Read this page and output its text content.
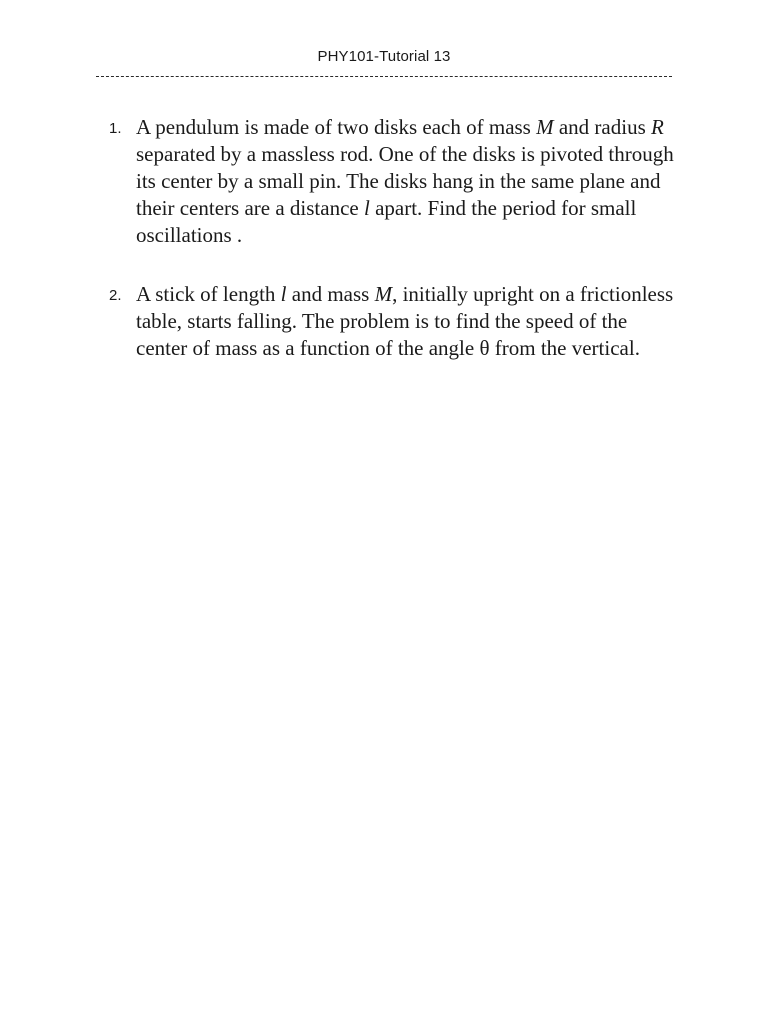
PHY101-Tutorial 13
1. A pendulum is made of two disks each of mass M and radius R separated by a massless rod. One of the disks is pivoted through its center by a small pin. The disks hang in the same plane and their centers are a distance l apart. Find the period for small oscillations .
2. A stick of length l and mass M, initially upright on a frictionless table, starts falling. The problem is to find the speed of the center of mass as a function of the angle θ from the vertical.
